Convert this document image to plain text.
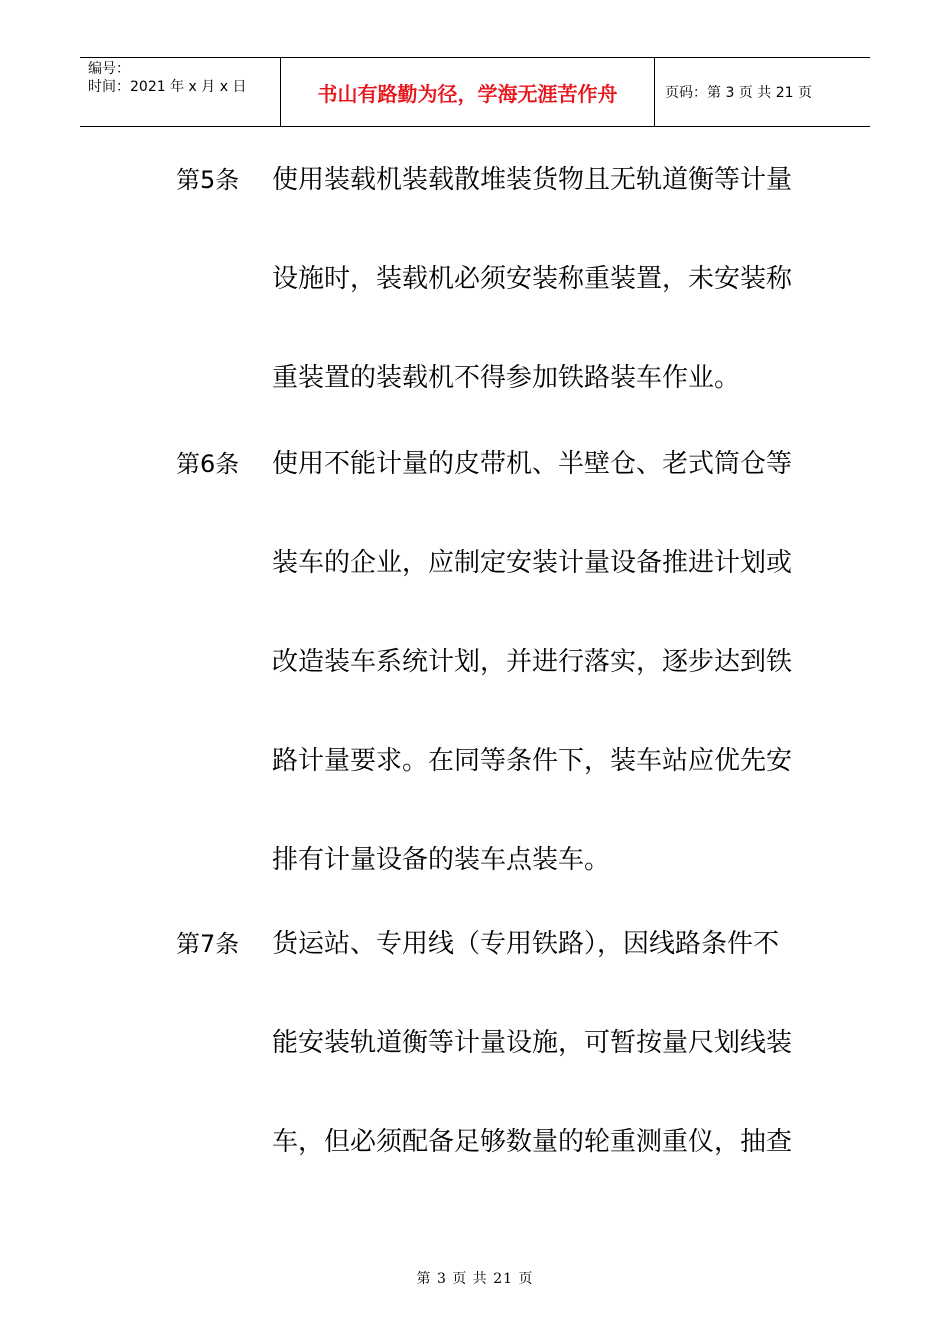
编号：
时间：2021 年 x 月 x 日	书山有路勤为径，学海无涯苦作舟	页码：第 3 页 共 21 页
第5条 使用装载机装载散堆装货物且无轨道衡等计量
设施时，装载机必须安装称重装置，未安装称
重装置的装载机不得参加铁路装车作业。
第6条 使用不能计量的皮带机、半壁仓、老式筒仓等
装车的企业，应制定安装计量设备推进计划或
改造装车系统计划，并进行落实，逐步达到铁
路计量要求。在同等条件下，装车站应优先安
排有计量设备的装车点装车。
第7条 货运站、专用线（专用铁路），因线路条件不
能安装轨道衡等计量设施，可暂按量尺划线装
车，但必须配备足够数量的轮重测重仪，抽查
第 3 页 共 21 页
